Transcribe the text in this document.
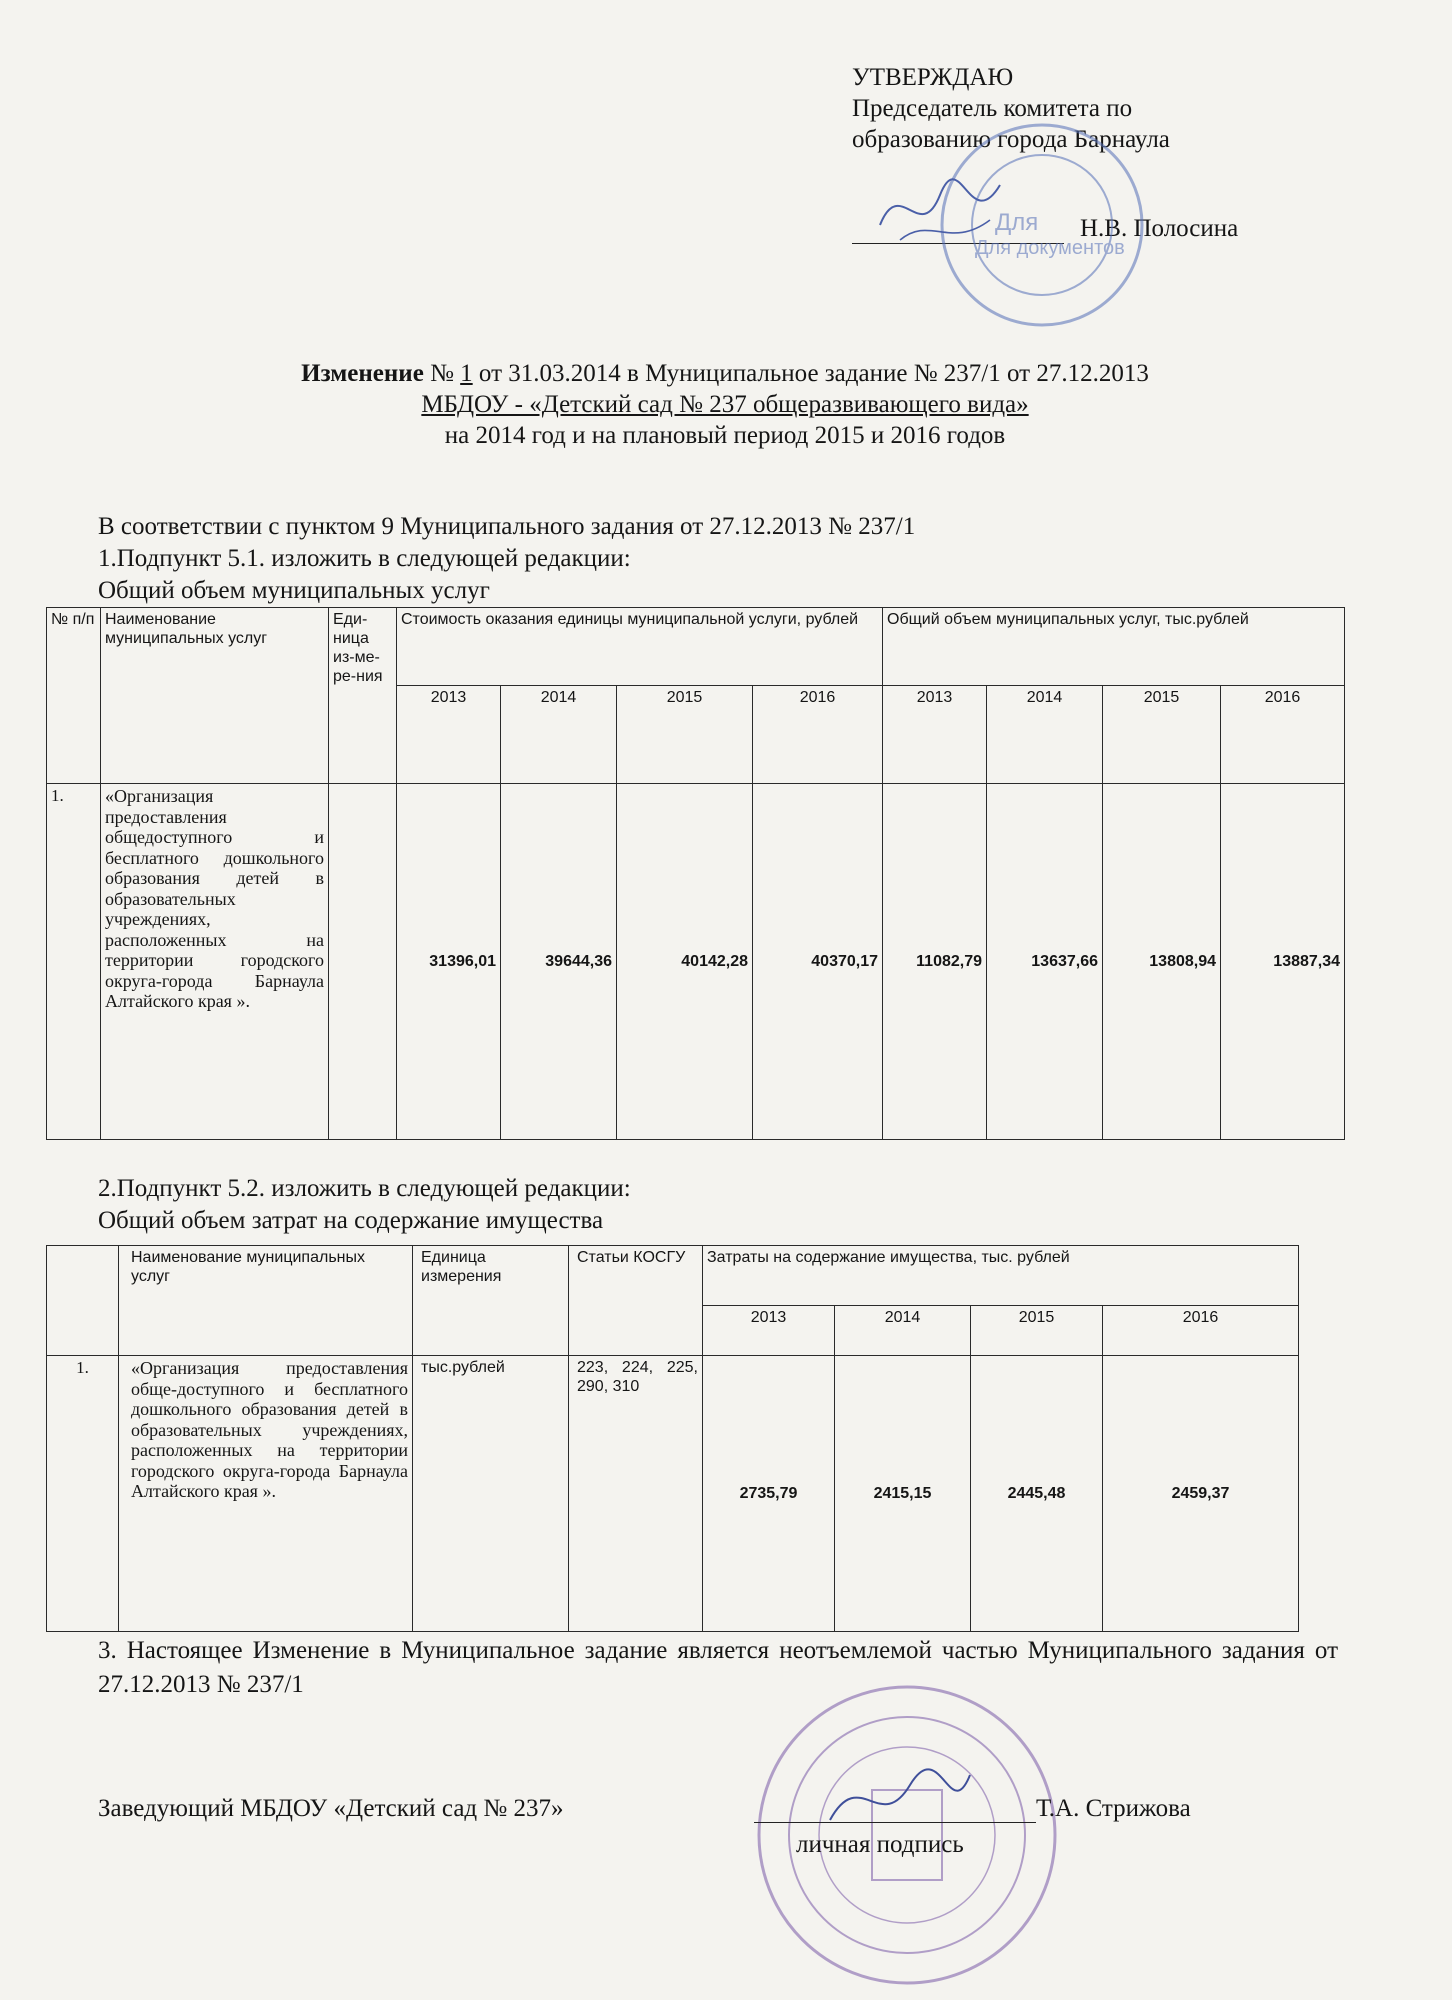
УТВЕРЖДАЮ
Председатель комитета по
образованию города Барнаула
Н.В. Полосина
Для
Для документов
Изменение № 1 от 31.03.2014 в Муниципальное задание № 237/1 от 27.12.2013
МБДОУ - «Детский сад № 237 общеразвивающего вида»
на 2014 год и на плановый период 2015 и 2016 годов
В соответствии с пунктом 9 Муниципального задания от 27.12.2013 № 237/1
1.Подпункт 5.1. изложить в следующей редакции:
Общий объем муниципальных услуг
№ п/п	Наименование муниципальных услуг	Еди-ница из-ме-ре-ния	Стоимость оказания единицы муниципальной услуги, рублей				Общий объем муниципальных услуг, тыс.рублей			
			2013	2014	2015	2016	2013	2014	2015	2016
1.	«Организация предоставления общедоступного и бесплатного дошкольного образования детей в образовательных учреждениях, расположенных на территории городского округа-города Барнаула Алтайского края ».		31396,01	39644,36	40142,28	40370,17	11082,79	13637,66	13808,94	13887,34
2.Подпункт 5.2. изложить в следующей редакции:
Общий объем затрат на содержание имущества
	Наименование муниципальных услуг	Единица измерения	Статьи КОСГУ	Затраты на содержание имущества, тыс. рублей			
				2013	2014	2015	2016
1.	«Организация предоставления обще-доступного и бесплатного дошкольного образования детей в образовательных учреждениях, расположенных на территории городского округа-города Барнаула Алтайского края ».	тыс.рублей	223, 224, 225, 290, 310	2735,79	2415,15	2445,48	2459,37
3. Настоящее Изменение в Муниципальное задание является неотъемлемой частью Муниципального задания от 27.12.2013 № 237/1
Заведующий МБДОУ «Детский сад № 237»	Т.А. Стрижова
личная подпись
